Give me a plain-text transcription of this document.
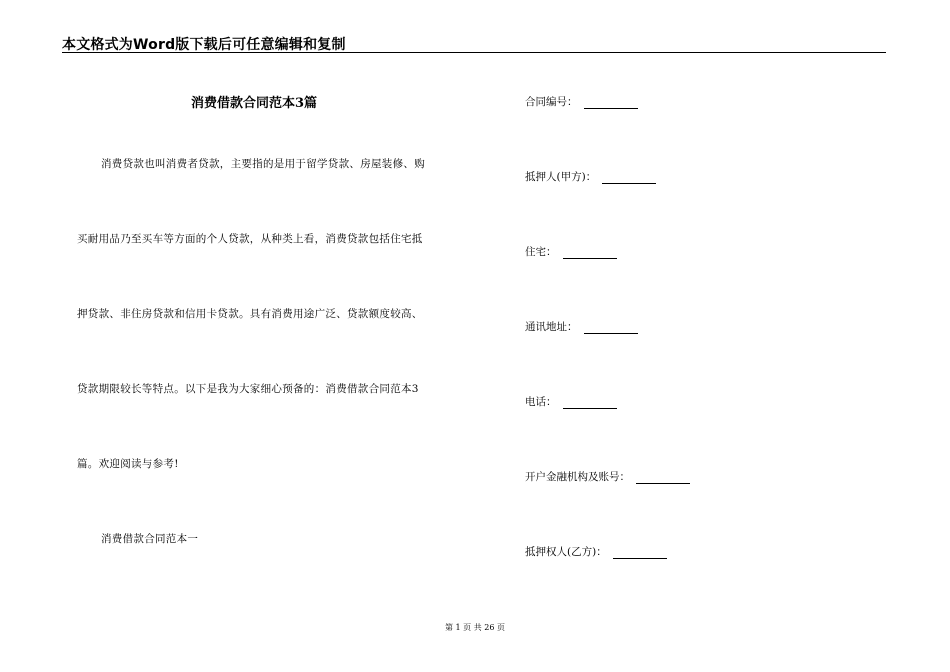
本文格式为Word版下载后可任意编辑和复制
消费借款合同范本3篇
消费贷款也叫消费者贷款，主要指的是用于留学贷款、房屋装修、购
买耐用品乃至买车等方面的个人贷款，从种类上看，消费贷款包括住宅抵
押贷款、非住房贷款和信用卡贷款。具有消费用途广泛、贷款额度较高、
贷款期限较长等特点。以下是我为大家细心预备的：消费借款合同范本3
篇。欢迎阅读与参考!
消费借款合同范本一
合同编号：
抵押人(甲方)：
住宅：
通讯地址：
电话：
开户金融机构及账号：
抵押权人(乙方)：
第 1 页 共 26 页
